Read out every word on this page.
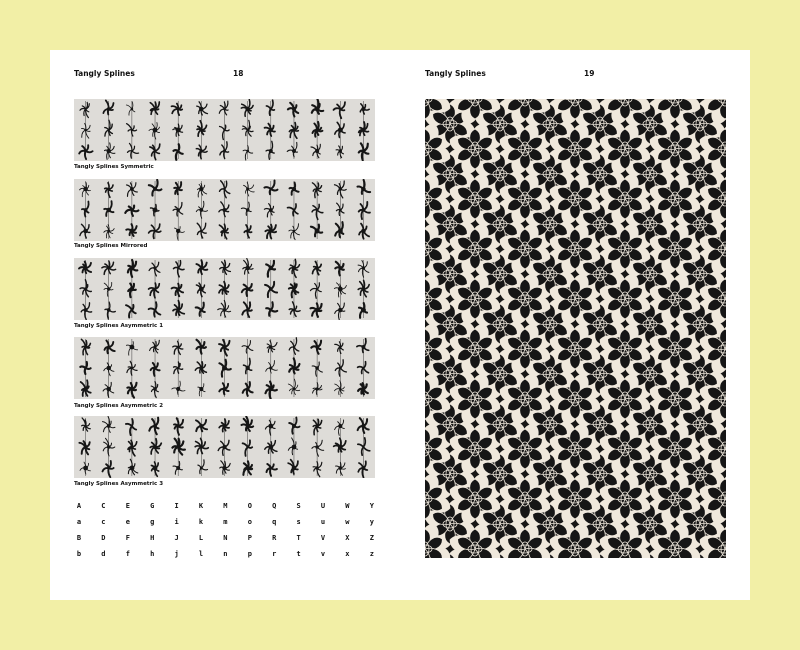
Tangly Splines	18	Tangly Splines	19
Tangly Splines Symmetric
Tangly Splines Mirrored
Tangly Splines Asymmetric 1
Tangly Splines Asymmetric 2
Tangly Splines Asymmetric 3
A	C	E	G	I	K	M	O	Q	S	U	W	Y
a	c	e	g	i	k	m	o	q	s	u	w	y
B	D	F	H	J	L	N	P	R	T	V	X	Z
b	d	f	h	j	l	n	p	r	t	v	x	z
